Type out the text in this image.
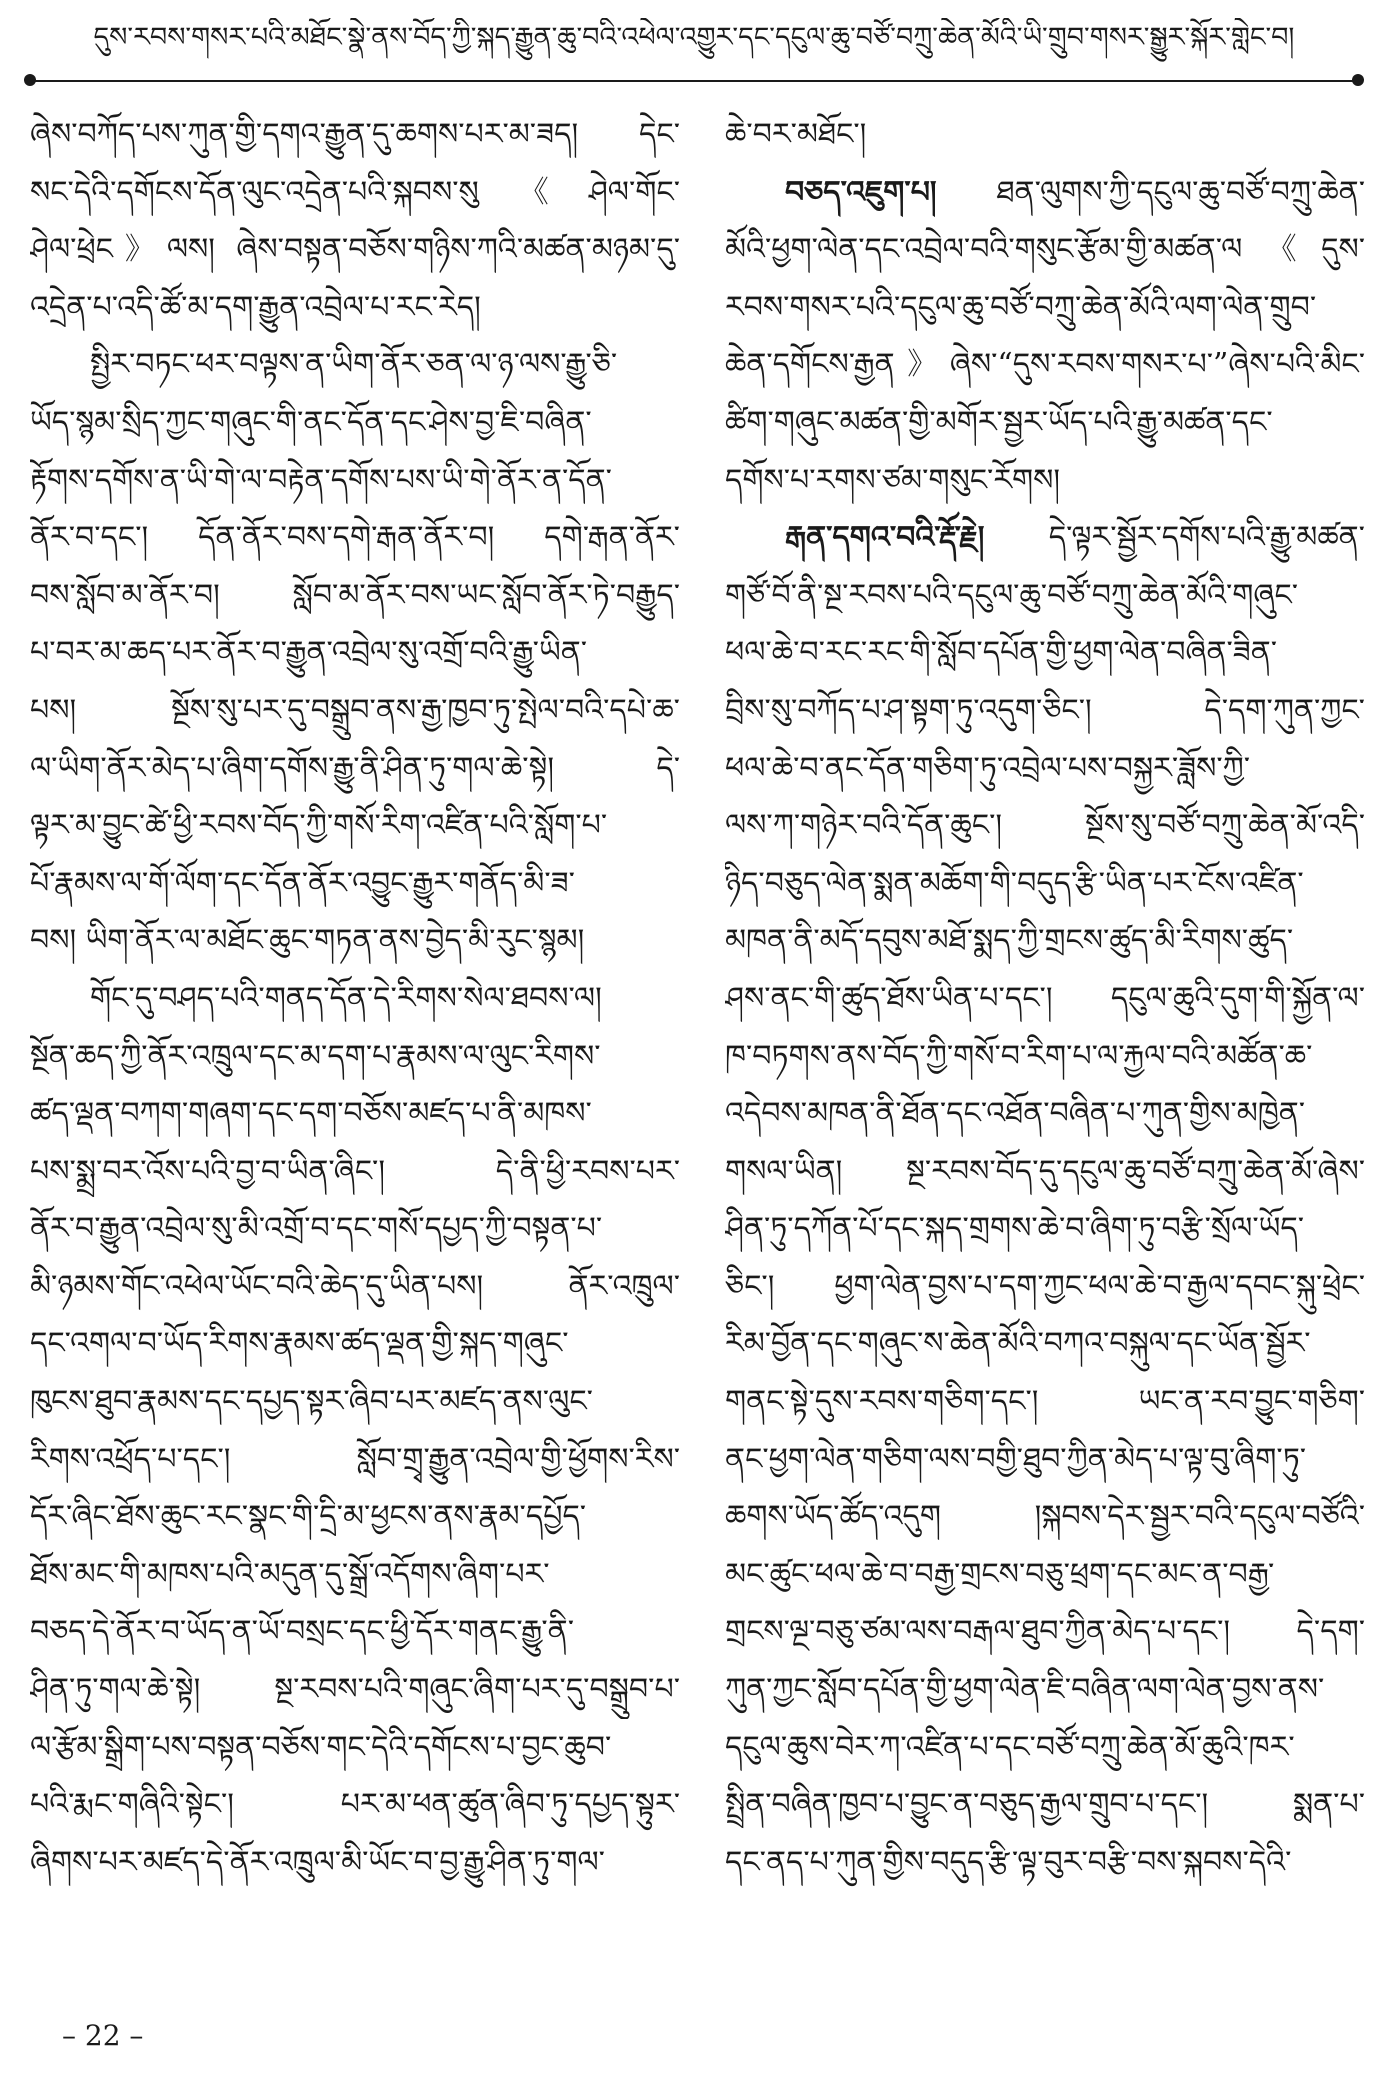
དུས་རབས་གསར་པའི་མཐོང་སྣེ་ནས་བོད་ཀྱི་སྐད་རྒྱུན་ཆུ་བའི་འཕེལ་འགྱུར་དང་དངུལ་ཆུ་བཙོ་བཀྲུ་ཆེན་མོའི་ཡི་གྲུབ་གསར་སྒྱུར་སྐོར་གླེང་བ།
ཞེས་བཀོད་པས་ཀུན་གྱི་དགའ་རྒྱུན་དུ་ཆགས་པར་མ་ཟད། དེང་
སང་དེའི་དགོངས་དོན་ལུང་འདྲེན་པའི་སྐབས་སུ《ཤེལ་གོང་
ཤེལ་ཕྲེང》ལས། ཞེས་བསྟན་བཅོས་གཉིས་ཀའི་མཚན་མཉམ་དུ་
འདྲེན་པ་འདི་ཚོ་མ་དག་རྒྱུན་འབྲེལ་པ་རང་རེད།
སྤྱིར་བཏང་ཕར་བལྟས་ན་ཡིག་ནོར་ཅན་ལ་ཉ་ལས་རྒྱུ་ཅི་
ཡོད་སྙམ་སྲིད་ཀྱང་གཞུང་གི་ནང་དོན་དང་ཤེས་བྱ་ཇི་བཞིན་
རྟོགས་དགོས་ན་ཡི་གེ་ལ་བརྟེན་དགོས་པས་ཡི་གེ་ནོར་ན་དོན་
ནོར་བ་དང་། དོན་ནོར་བས་དགེ་རྒན་ནོར་བ། དགེ་རྒན་ནོར་
བས་སློབ་མ་ནོར་བ། སློབ་མ་ནོར་བས་ཡང་སློབ་ནོར་ཏེ་བརྒྱུད་
པ་བར་མ་ཆད་པར་ནོར་བ་རྒྱུན་འབྲེལ་སུ་འགྲོ་བའི་རྒྱུ་ཡིན་
པས། སྔོས་སུ་པར་དུ་བསྒྲུབ་ནས་རྒྱ་ཁྱབ་ཏུ་སྤེལ་བའི་དཔེ་ཆ་
ལ་ཡིག་ནོར་མེད་པ་ཞིག་དགོས་རྒྱུ་ནི་ཤིན་ཏུ་གལ་ཆེ་སྟེ། དེ་
ལྟར་མ་བྱུང་ཚེ་ཕྱི་རབས་བོད་ཀྱི་གསོ་རིག་འཛིན་པའི་སློག་པ་
པོ་རྣམས་ལ་གོ་ལོག་དང་དོན་ནོར་འབྱུང་རྒྱུར་གནོད་མི་ཟ་
བས། ཡིག་ནོར་ལ་མཐོང་ཆུང་གཏན་ནས་བྱེད་མི་རུང་སྙམ།
གོང་དུ་བཤད་པའི་གནད་དོན་དེ་རིགས་སེལ་ཐབས་ལ།
སྔོན་ཆད་ཀྱི་ནོར་འཁྲུལ་དང་མ་དག་པ་རྣམས་ལ་ལུང་རིགས་
ཚད་ལྡན་བཀག་གཞག་དང་དག་བཅོས་མཛད་པ་ནི་མཁས་
པས་སྨྲ་བར་འོས་པའི་བྱ་བ་ཡིན་ཞིང་། དེ་ནི་ཕྱི་རབས་པར་
ནོར་བ་རྒྱུན་འབྲེལ་སུ་མི་འགྲོ་བ་དང་གསོ་དཔྱད་ཀྱི་བསྟན་པ་
མི་ཉམས་གོང་འཕེལ་ཡོང་བའི་ཆེད་དུ་ཡིན་པས། ནོར་འཁྲུལ་
དང་འགལ་བ་ཡོད་རིགས་རྣམས་ཚད་ལྡན་གྱི་སྐད་གཞུང་
ཁུངས་ཐུབ་རྣམས་དང་དཔྱད་སྟར་ཞིབ་པར་མཛད་ནས་ལུང་
རིགས་འཕྲོད་པ་དང་། སློབ་གྲྭ་རྒྱུན་འབྲེལ་གྱི་ཕྱོགས་རིས་
དོར་ཞིང་ཐོས་ཆུང་རང་སྣང་གི་དྲི་མ་ཕྱངས་ནས་རྣམ་དཔྱོད་
ཐོས་མང་གི་མཁས་པའི་མདུན་དུ་སྒྲོ་འདོགས་ཞིག་པར་
བཅད་དེ་ནོར་བ་ཡོད་ན་ཡོ་བསྲང་དང་ཕྱི་དོར་གནང་རྒྱུ་ནི་
ཤིན་ཏུ་གལ་ཆེ་སྟེ། སྔ་རབས་པའི་གཞུང་ཞིག་པར་དུ་བསྒྲུབ་པ་
ལ་རྩོམ་སྒྲིག་པས་བསྟན་བཅོས་གང་དེའི་དགོངས་པ་བྱང་ཆུབ་
པའི་རྨང་གཞིའི་སྟེང་། པར་མ་ཕན་ཚུན་ཞིབ་ཏུ་དཔྱད་སྟུར་
ཞིགས་པར་མཛད་དེ་ནོར་འཁྲུལ་མི་ཡོང་བ་བྱ་རྒྱུ་ཤིན་ཏུ་གལ་
ཆེ་བར་མཐོང་།
བཅད་འཇུག་པ། ཐན་ལུགས་ཀྱི་དངུལ་ཆུ་བཙོ་བཀྲུ་ཆེན་
མོའི་ཕྱག་ལེན་དང་འབྲེལ་བའི་གསུང་རྩོམ་གྱི་མཚན་ལ《དུས་
རབས་གསར་པའི་དངུལ་ཆུ་བཙོ་བཀྲུ་ཆེན་མོའི་ལག་ལེན་གྲུབ་
ཆེན་དགོངས་རྒྱན》ཞེས་“དུས་རབས་གསར་པ་”ཞེས་པའི་མིང་
ཚིག་གཞུང་མཚན་གྱི་མགོར་སྦྱར་ཡོད་པའི་རྒྱུ་མཚན་དང་
དགོས་པ་རགས་ཙམ་གསུང་རོགས།
རྒན་དགའ་བའི་རྡོ་རྗེ། དེ་ལྟར་སྦྱོར་དགོས་པའི་རྒྱུ་མཚན་
གཙོ་བོ་ནི་སྔ་རབས་པའི་དངུལ་ཆུ་བཙོ་བཀྲུ་ཆེན་མོའི་གཞུང་
ཕལ་ཆེ་བ་རང་རང་གི་སློབ་དཔོན་གྱི་ཕྱག་ལེན་བཞིན་ཟིན་
བྲིས་སུ་བཀོད་པ་ཤ་སྟག་ཏུ་འདུག་ཅིང་། དེ་དག་ཀུན་ཀྱང་
ཕལ་ཆེ་བ་ནང་དོན་གཅིག་ཏུ་འབྲེལ་པས་བསྐྱར་ཟློས་ཀྱི་
ལས་ཀ་གཉེར་བའི་དོན་ཆུང་། སྔོས་སུ་བཙོ་བཀྲུ་ཆེན་མོ་འདི་
ཉིད་བཅུད་ལེན་སྨན་མཆོག་གི་བདུད་རྩི་ཡིན་པར་ངོས་འཛིན་
མཁན་ནི་མདོ་དབུས་མཐོ་སྨད་ཀྱི་གྲངས་ཚུད་མི་རིགས་ཚུད་
ཤས་ནང་གི་ཚུད་ཐོས་ཡིན་པ་དང་། དངུལ་ཆུའི་དུག་གི་སྐྱོན་ལ་
ཁ་བཏགས་ནས་བོད་ཀྱི་གསོ་བ་རིག་པ་ལ་རྐྱལ་བའི་མཚོན་ཆ་
འདེབས་མཁན་ནི་ཐོན་དང་འཐོན་བཞིན་པ་ཀུན་གྱིས་མཁྱེན་
གསལ་ཡིན། སྔ་རབས་བོད་དུ་དངུལ་ཆུ་བཙོ་བཀྲུ་ཆེན་མོ་ཞེས་
ཤིན་ཏུ་དཀོན་པོ་དང་སྐད་གྲགས་ཆེ་བ་ཞིག་ཏུ་བརྩི་སྲོལ་ཡོད་
ཅིང་། ཕྱག་ལེན་བྱས་པ་དག་ཀྱང་ཕལ་ཆེ་བ་རྒྱལ་དབང་སྐུ་ཕྲེང་
རིམ་བྱོན་དང་གཞུང་ས་ཆེན་མོའི་བཀའ་བསྐུལ་དང་ཡོན་སྦྱོར་
གནང་སྟེ་དུས་རབས་གཅིག་དང་། ཡང་ན་རབ་བྱུང་གཅིག་
ནང་ཕྱག་ལེན་གཅིག་ལས་བགྱི་ཐུབ་ཀྱིན་མེད་པ་ལྟ་བུ་ཞིག་ཏུ་
ཆགས་ཡོད་ཚོད་འདུག །སྐབས་དེར་སྦྱར་བའི་དངུལ་བཙོའི་
མང་ཚུང་ཕལ་ཆེ་བ་བརྒྱ་གྲངས་བཅུ་ཕྲག་དང་མང་ན་བརྒྱ་
གྲངས་ལྔ་བཅུ་ཙམ་ལས་བརྒལ་ཐུབ་ཀྱིན་མེད་པ་དང་། དེ་དག་
ཀུན་ཀྱང་སློབ་དཔོན་གྱི་ཕྱག་ལེན་ཇི་བཞིན་ལག་ལེན་བྱས་ནས་
དངུལ་ཆུས་བེར་ཀ་འཛིན་པ་དང་བཙོ་བཀྲུ་ཆེན་མོ་ཆུའི་ཁར་
སྤྲིན་བཞིན་ཁྱབ་པ་བྱུང་ན་བཅུད་རྒྱལ་གྲུབ་པ་དང་། སྨན་པ་
དང་ནད་པ་ཀུན་གྱིས་བདུད་རྩི་ལྟ་བུར་བརྩི་བས་སྐབས་དེའི་
– 22 –
